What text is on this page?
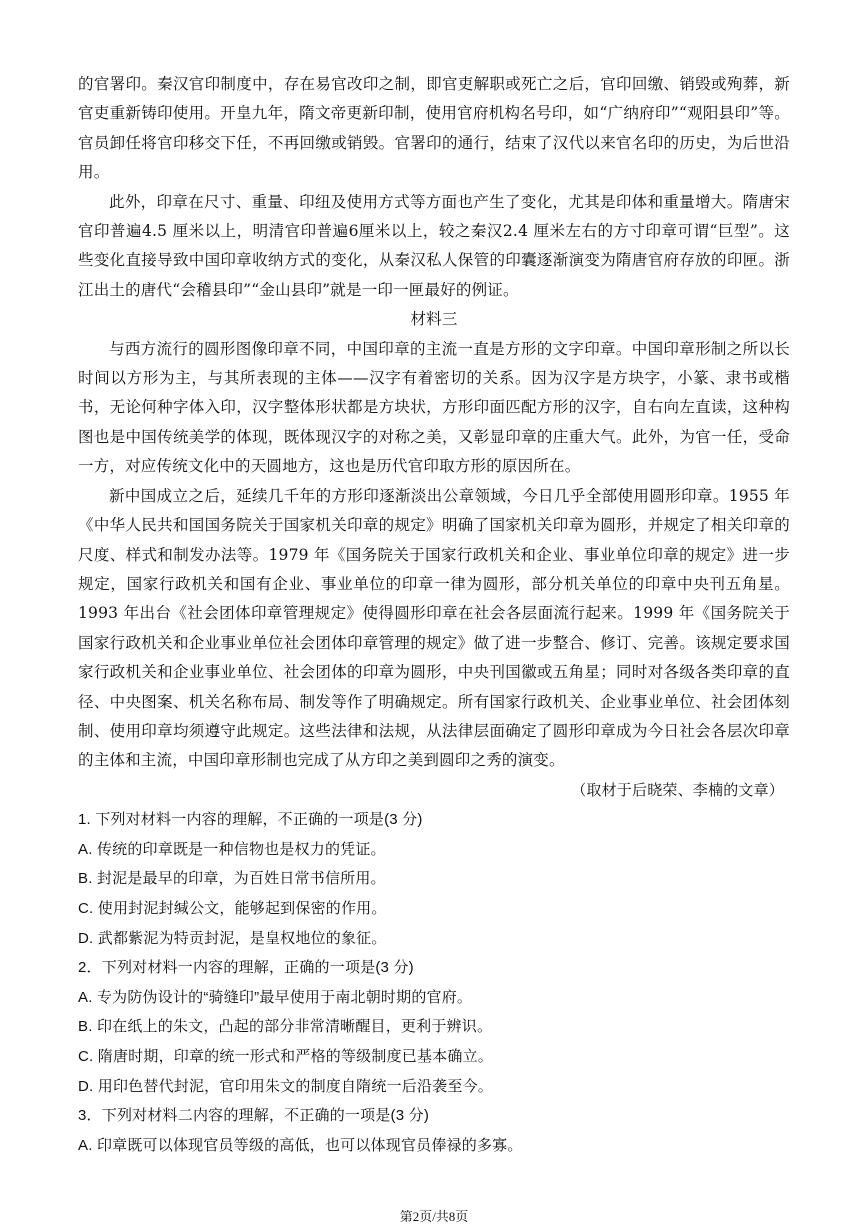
的官署印。秦汉官印制度中，存在易官改印之制，即官吏解职或死亡之后，官印回缴、销毁或殉葬，新官吏重新铸印使用。开皇九年，隋文帝更新印制，使用官府机构名号印，如“广纳府印”“观阳县印”等。官员卸任将官印移交下任，不再回缴或销毁。官署印的通行，结束了汉代以来官名印的历史，为后世沿用。

此外，印章在尺寸、重量、印纽及使用方式等方面也产生了变化，尤其是印体和重量增大。隋唐宋官印普遍4.5 厘米以上，明清官印普遍6厘米以上，较之秦汉2.4 厘米左右的方寸印章可谓“巨型”。这些变化直接导致中国印章收纳方式的变化，从秦汉私人保管的印囊逐渐演变为隋唐官府存放的印匣。浙江出土的唐代“会稽县印”“金山县印”就是一印一匣最好的例证。

材料三

与西方流行的圆形图像印章不同，中国印章的主流一直是方形的文字印章。中国印章形制之所以长时间以方形为主，与其所表现的主体——汉字有着密切的关系。因为汉字是方块字，小篆、隶书或楷书，无论何种字体入印，汉字整体形状都是方块状，方形印面匹配方形的汉字，自右向左直读，这种构图也是中国传统美学的体现，既体现汉字的对称之美，又彰显印章的庄重大气。此外，为官一任，受命一方，对应传统文化中的天圆地方，这也是历代官印取方形的原因所在。

新中国成立之后，延续几千年的方形印逐渐淡出公章领域，今日几乎全部使用圆形印章。1955 年《中华人民共和国国务院关于国家机关印章的规定》明确了国家机关印章为圆形，并规定了相关印章的尺度、样式和制发办法等。1979 年《国务院关于国家行政机关和企业、事业单位印章的规定》进一步规定，国家行政机关和国有企业、事业单位的印章一律为圆形，部分机关单位的印章中央刊五角星。1993 年出台《社会团体印章管理规定》使得圆形印章在社会各层面流行起来。1999 年《国务院关于国家行政机关和企业事业单位社会团体印章管理的规定》做了进一步整合、修订、完善。该规定要求国家行政机关和企业事业单位、社会团体的印章为圆形，中央刊国徽或五角星；同时对各级各类印章的直径、中央图案、机关名称布局、制发等作了明确规定。所有国家行政机关、企业事业单位、社会团体刻制、使用印章均须遵守此规定。这些法律和法规，从法律层面确定了圆形印章成为今日社会各层次印章的主体和主流，中国印章形制也完成了从方印之美到圆印之秀的演变。

（取材于后晓荣、李楠的文章）

1. 下列对材料一内容的理解，不正确的一项是(3 分)

A. 传统的印章既是一种信物也是权力的凭证。

B. 封泥是最早的印章，为百姓日常书信所用。

C. 使用封泥封缄公文，能够起到保密的作用。

D. 武都紫泥为特贡封泥，是皇权地位的象征。

2．下列对材料一内容的理解，正确的一项是(3 分)

A. 专为防伪设计的“骑缝印”最早使用于南北朝时期的官府。

B. 印在纸上的朱文，凸起的部分非常清晰醒目，更利于辨识。

C. 隋唐时期，印章的统一形式和严格的等级制度已基本确立。

D. 用印色替代封泥，官印用朱文的制度自隋统一后沿袭至今。

3．下列对材料二内容的理解，不正确的一项是(3 分)

A. 印章既可以体现官员等级的高低，也可以体现官员俸禄的多寡。

第2页/共8页
